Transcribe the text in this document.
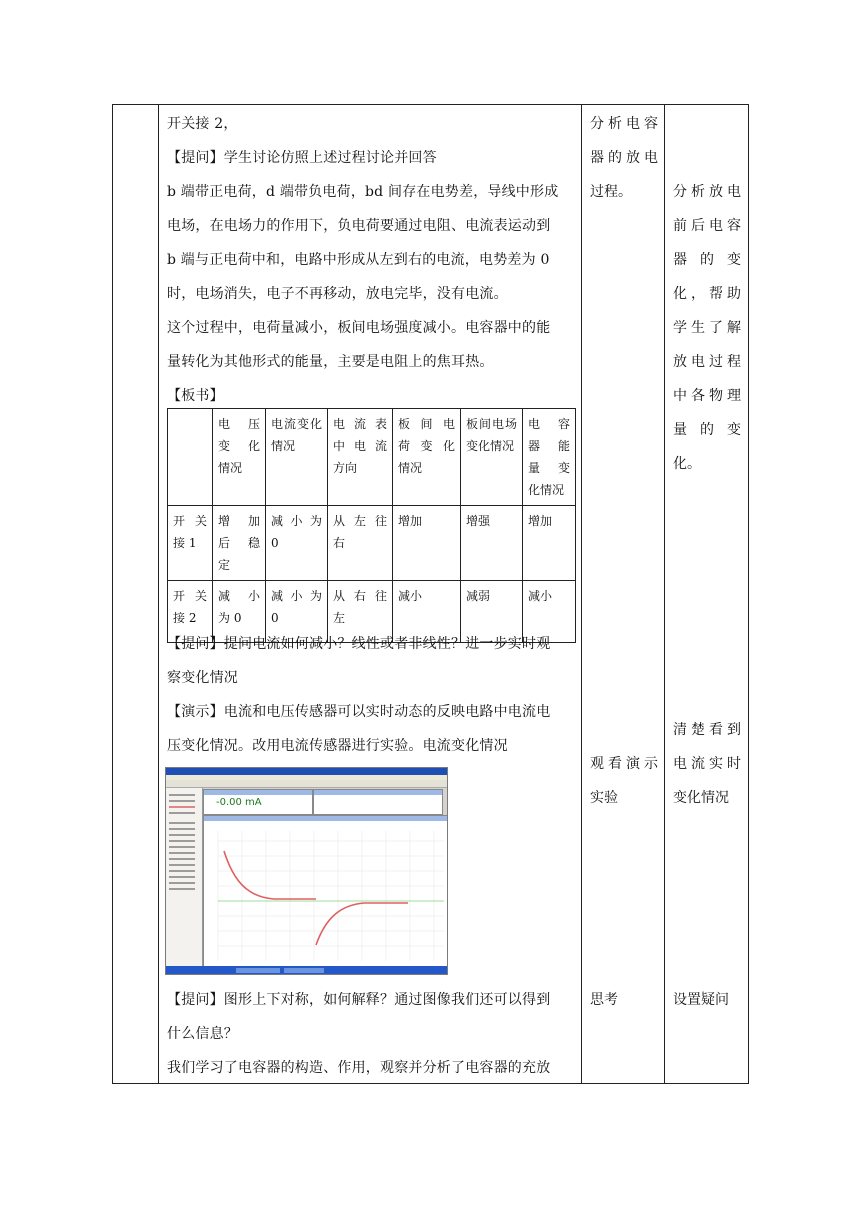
开关接 2，
【提问】学生讨论仿照上述过程讨论并回答
b 端带正电荷，d 端带负电荷，bd 间存在电势差，导线中形成
电场，在电场力的作用下，负电荷要通过电阻、电流表运动到
b 端与正电荷中和，电路中形成从左到右的电流，电势差为 0
时，电场消失，电子不再移动，放电完毕，没有电流。
这个过程中，电荷量减小，板间电场强度减小。电容器中的能
量转化为其他形式的能量，主要是电阻上的焦耳热。
【板书】
	电 压 变 化 情况	电流变化情况	电 流 表 中 电 流 方向	板 间 电 荷 变 化 情况	板间电场变化情况	电 容 器 能 量 变 化情况
开关接 1	增 加 后 稳 定	减 小 为 0	从 左 往 右	增加	增强	增加
开关接 2	减 小 为 0	减 小 为 0	从 右 往 左	减小	减弱	减小
【提问】提问电流如何减小？线性或者非线性？进一步实时观
察变化情况
【演示】电流和电压传感器可以实时动态的反映电路中电流电
压变化情况。改用电流传感器进行实验。电流变化情况
-0.00 mA
【提问】图形上下对称，如何解释？通过图像我们还可以得到
什么信息？
我们学习了电容器的构造、作用，观察并分析了电容器的充放
分析电容器的放电过程。
观看演示实验
思考
分析放电前后电容器的变化，帮助学生了解放电过程中各物理量的变化。
清楚看到电流实时变化情况
设置疑问
